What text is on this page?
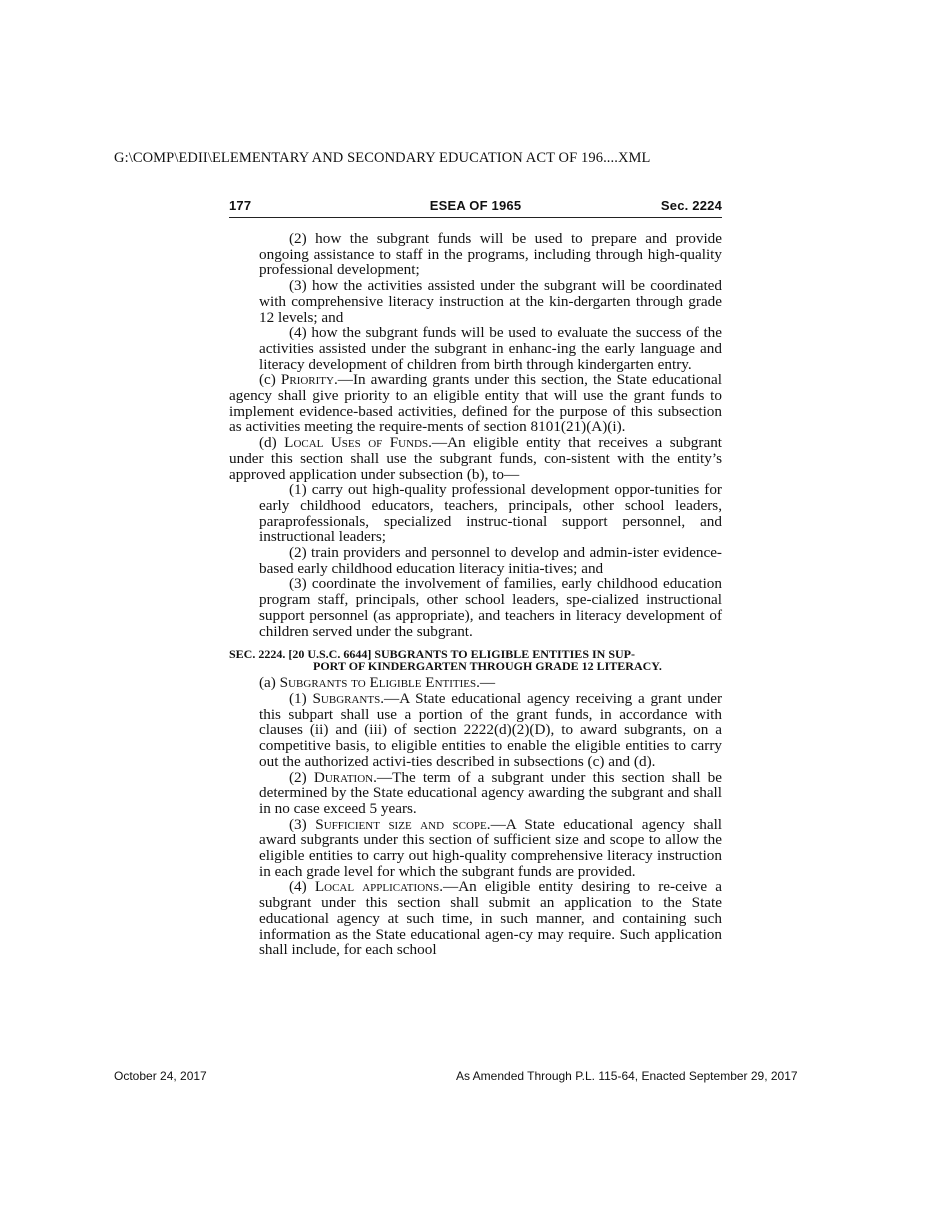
G:\COMP\EDII\ELEMENTARY AND SECONDARY EDUCATION ACT OF 196....XML
177	ESEA OF 1965	Sec. 2224

(2) how the subgrant funds will be used to prepare and provide ongoing assistance to staff in the programs, including through high-quality professional development;

(3) how the activities assisted under the subgrant will be coordinated with comprehensive literacy instruction at the kin-dergarten through grade 12 levels; and

(4) how the subgrant funds will be used to evaluate the success of the activities assisted under the subgrant in enhanc-ing the early language and literacy development of children from birth through kindergarten entry.

(c) Priority.—In awarding grants under this section, the State educational agency shall give priority to an eligible entity that will use the grant funds to implement evidence-based activities, defined for the purpose of this subsection as activities meeting the require-ments of section 8101(21)(A)(i).

(d) Local Uses of Funds.—An eligible entity that receives a subgrant under this section shall use the subgrant funds, con-sistent with the entity’s approved application under subsection (b), to—

(1) carry out high-quality professional development oppor-tunities for early childhood educators, teachers, principals, other school leaders, paraprofessionals, specialized instruc-tional support personnel, and instructional leaders;

(2) train providers and personnel to develop and admin-ister evidence-based early childhood education literacy initia-tives; and

(3) coordinate the involvement of families, early childhood education program staff, principals, other school leaders, spe-cialized instructional support personnel (as appropriate), and teachers in literacy development of children served under the subgrant.

SEC. 2224. [20 U.S.C. 6644] SUBGRANTS TO ELIGIBLE ENTITIES IN SUP-
PORT OF KINDERGARTEN THROUGH GRADE 12 LITERACY.

(a) Subgrants to Eligible Entities.—

(1) Subgrants.—A State educational agency receiving a grant under this subpart shall use a portion of the grant funds, in accordance with clauses (ii) and (iii) of section 2222(d)(2)(D), to award subgrants, on a competitive basis, to eligible entities to enable the eligible entities to carry out the authorized activi-ties described in subsections (c) and (d).

(2) Duration.—The term of a subgrant under this section shall be determined by the State educational agency awarding the subgrant and shall in no case exceed 5 years.

(3) Sufficient size and scope.—A State educational agency shall award subgrants under this section of sufficient size and scope to allow the eligible entities to carry out high-quality comprehensive literacy instruction in each grade level for which the subgrant funds are provided.

(4) Local applications.—An eligible entity desiring to re-ceive a subgrant under this section shall submit an application to the State educational agency at such time, in such manner, and containing such information as the State educational agen-cy may require. Such application shall include, for each school

October 24, 2017	As Amended Through P.L. 115-64, Enacted September 29, 2017
